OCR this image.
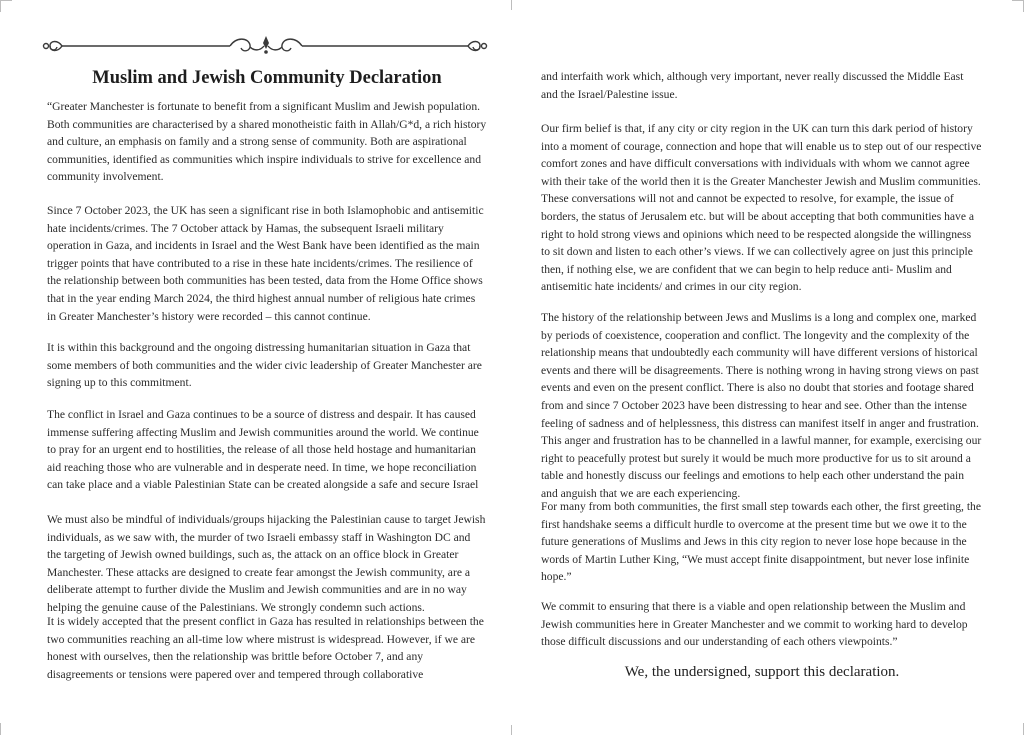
Muslim and Jewish Community Declaration

“Greater Manchester is fortunate to benefit from a significant Muslim and Jewish population. Both communities are characterised by a shared monotheistic faith in Allah/G*d, a rich history and culture, an emphasis on family and a strong sense of community. Both are aspirational communities, identified as communities which inspire individuals to strive for excellence and community involvement.

Since 7 October 2023, the UK has seen a significant rise in both Islamophobic and antisemitic hate incidents/crimes. The 7 October attack by Hamas, the subsequent Israeli military operation in Gaza, and incidents in Israel and the West Bank have been identified as the main trigger points that have contributed to a rise in these hate incidents/crimes. The resilience of the relationship between both communities has been tested, data from the Home Office shows that in the year ending March 2024, the third highest annual number of religious hate crimes in Greater Manchester’s history were recorded – this cannot continue.

It is within this background and the ongoing distressing humanitarian situation in Gaza that some members of both communities and the wider civic leadership of Greater Manchester are signing up to this commitment.

The conflict in Israel and Gaza continues to be a source of distress and despair. It has caused immense suffering affecting Muslim and Jewish communities around the world. We continue to pray for an urgent end to hostilities, the release of all those held hostage and humanitarian aid reaching those who are vulnerable and in desperate need. In time, we hope reconciliation can take place and a viable Palestinian State can be created alongside a safe and secure Israel

We must also be mindful of individuals/groups hijacking the Palestinian cause to target Jewish individuals, as we saw with, the murder of two Israeli embassy staff in Washington DC and the targeting of Jewish owned buildings, such as, the attack on an office block in Greater Manchester. These attacks are designed to create fear amongst the Jewish community, are a deliberate attempt to further divide the Muslim and Jewish communities and are in no way helping the genuine cause of the Palestinians. We strongly condemn such actions.

It is widely accepted that the present conflict in Gaza has resulted in relationships between the two communities reaching an all-time low where mistrust is widespread. However, if we are honest with ourselves, then the relationship was brittle before October 7, and any disagreements or tensions were papered over and tempered through collaborative

and interfaith work which, although very important, never really discussed the Middle East and the Israel/Palestine issue.

Our firm belief is that, if any city or city region in the UK can turn this dark period of history into a moment of courage, connection and hope that will enable us to step out of our respective comfort zones and have difficult conversations with individuals with whom we cannot agree with their take of the world then it is the Greater Manchester Jewish and Muslim communities. These conversations will not and cannot be expected to resolve, for example, the issue of borders, the status of Jerusalem etc. but will be about accepting that both communities have a right to hold strong views and opinions which need to be respected alongside the willingness to sit down and listen to each other’s views. If we can collectively agree on just this principle then, if nothing else, we are confident that we can begin to help reduce anti- Muslim and antisemitic hate incidents/ and crimes in our city region.

The history of the relationship between Jews and Muslims is a long and complex one, marked by periods of coexistence, cooperation and conflict. The longevity and the complexity of the relationship means that undoubtedly each community will have different versions of historical events and there will be disagreements. There is nothing wrong in having strong views on past events and even on the present conflict. There is also no doubt that stories and footage shared from and since 7 October 2023 have been distressing to hear and see. Other than the intense feeling of sadness and of helplessness, this distress can manifest itself in anger and frustration. This anger and frustration has to be channelled in a lawful manner, for example, exercising our right to peacefully protest but surely it would be much more productive for us to sit around a table and honestly discuss our feelings and emotions to help each other understand the pain and anguish that we are each experiencing.

For many from both communities, the first small step towards each other, the first greeting, the first handshake seems a difficult hurdle to overcome at the present time but we owe it to the future generations of Muslims and Jews in this city region to never lose hope because in the words of Martin Luther King, “We must accept finite disappointment, but never lose infinite hope.”

We commit to ensuring that there is a viable and open relationship between the Muslim and Jewish communities here in Greater Manchester and we commit to working hard to develop those difficult discussions and our understanding of each others viewpoints.”

We, the undersigned, support this declaration.
